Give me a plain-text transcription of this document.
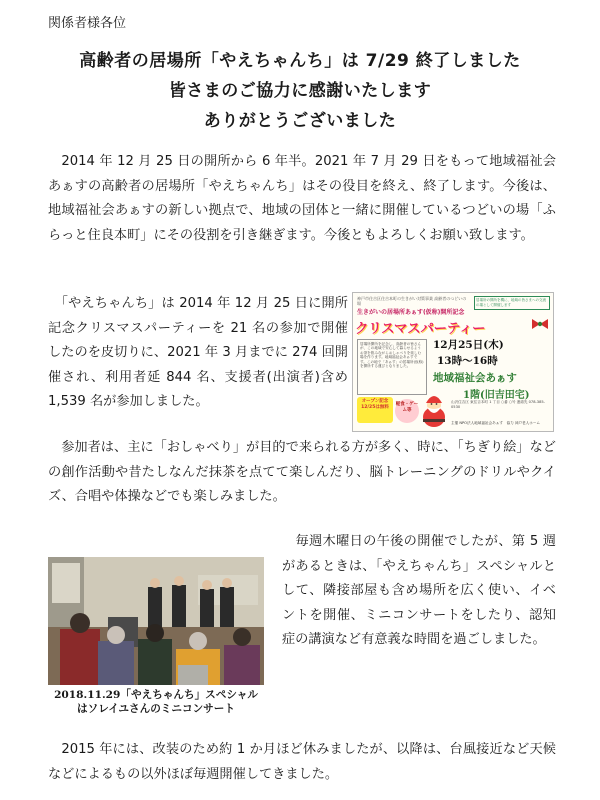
関係者様各位
高齢者の居場所「やえちゃんち」は 7/29 終了しました
皆さまのご協力に感謝いたします
ありがとうございました
　2014 年 12 月 25 日の開所から 6 年半。2021 年 7 月 29 日をもって地域福祉会あぁすの高齢者の居場所「やえちゃんち」はその役目を終え、終了します。今後は、地域福祉会あぁすの新しい拠点で、地域の団体と一緒に開催しているつどいの場「ふらっと住良本町」にその役割を引き継ぎます。今後ともよろしくお願い致します。
　「やえちゃんち」は 2014 年 12 月 25 日に開所記念クリスマスパーティーを 21 名の参加で開催したのを皮切りに、2021 年 3 月までに 274 回開催され、利用者延 844 名、支援者(出演者)含め 1,539 名が参加しました。
神戸市住吉区住吉本町の生きがい対策事業 高齢者のつどいの場
居場所の開所を機に、地域の皆さまへの交流の場として開催します
生きがいの居場所あぁす(仮称)開所記念
クリスマスパーティー
居場所開所を記念し、高齢者の皆さんが、この地域で安心して暮らせるようお茶を飲みながらおしゃべりを楽しむ場を作ります。地域福祉会あぁすです。この地で「あぁす」の居場所(仮称)を開所する運びとなりました。
12月25日(木)
13時～16時
地域福祉会あぁす
1階(旧吉田宅)
オープン記念 12/25は無料
軽食・ゲーム等
山沢住吉区 東住吉本町 1 丁目 ○番 ○号 連絡先 078-385-0530
主催 NPO法人地域福祉会あぁす　協力 神戸老人ホーム
　参加者は、主に「おしゃべり」が目的で来られる方が多く、時に、「ちぎり絵」などの創作活動や昔たしなんだ抹茶を点てて楽しんだり、脳トレーニングのドリルやクイズ、合唱や体操などでも楽しみました。
2018.11.29「やえちゃんち」スペシャル
はソレイユさんのミニコンサート
　毎週木曜日の午後の開催でしたが、第 5 週があるときは、「やえちゃんち」スペシャルとして、隣接部屋も含め場所を広く使い、イベントを開催、ミニコンサートをしたり、認知症の講演など有意義な時間を過ごしました。
　2015 年には、改装のため約 1 か月ほど休みましたが、以降は、台風接近など天候などによるもの以外ほぼ毎週開催してきました。
